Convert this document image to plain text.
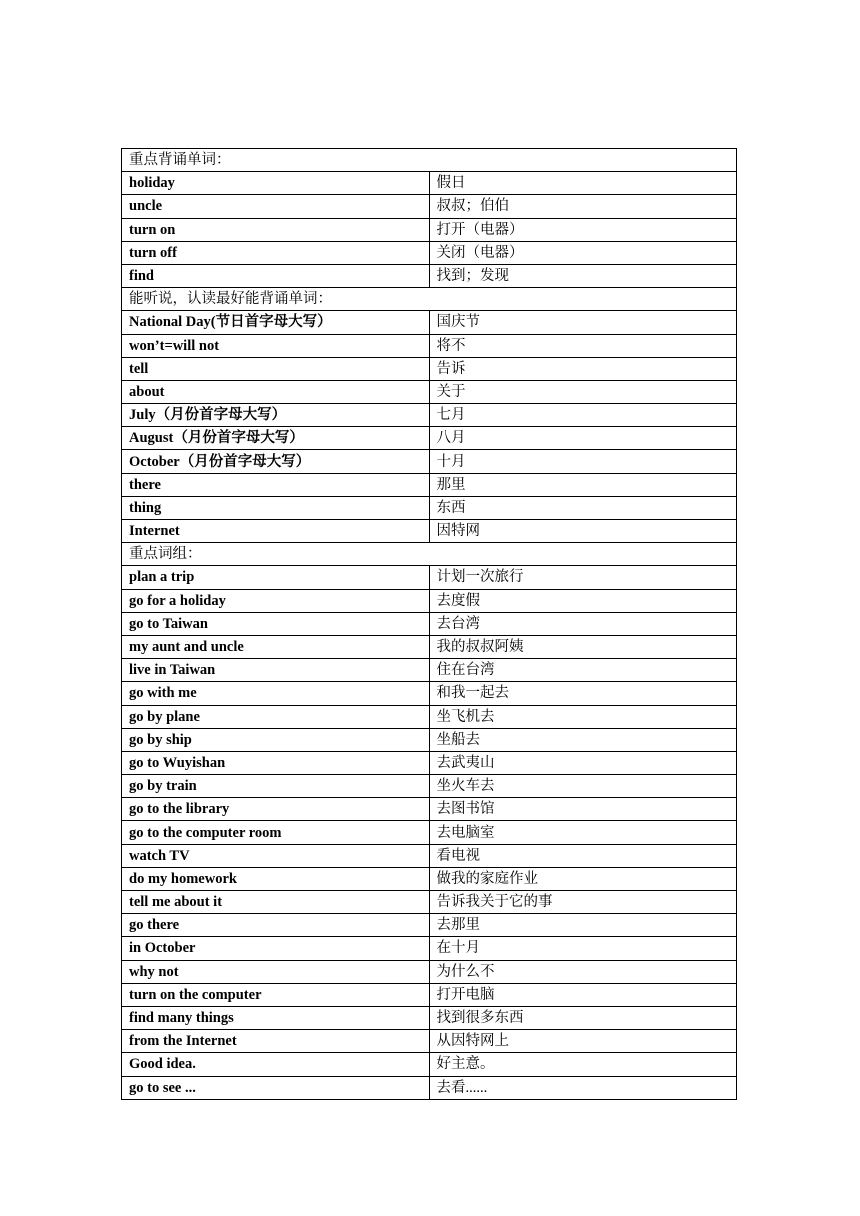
重点背诵单词：	
holiday	假日
uncle	叔叔；伯伯
turn on	打开（电器）
turn off	关闭（电器）
find	找到；发现
能听说，认读最好能背诵单词：	
National Day(节日首字母大写）	国庆节
won’t=will not	将不
tell	告诉
about	关于
July（月份首字母大写）	七月
August（月份首字母大写）	八月
October（月份首字母大写）	十月
there	那里
thing	东西
Internet	因特网
重点词组：	
plan a trip	计划一次旅行
go for a holiday	去度假
go to Taiwan	去台湾
my aunt and uncle	我的叔叔阿姨
live in Taiwan	住在台湾
go with me	和我一起去
go by plane	坐飞机去
go by ship	坐船去
go to Wuyishan	去武夷山
go by train	坐火车去
go to the library	去图书馆
go to the computer room	去电脑室
watch TV	看电视
do my homework	做我的家庭作业
tell me about it	告诉我关于它的事
go there	去那里
in October	在十月
why not	为什么不
turn on the computer	打开电脑
find many things	找到很多东西
from the Internet	从因特网上
Good idea.	好主意。
go to see ...	去看......
